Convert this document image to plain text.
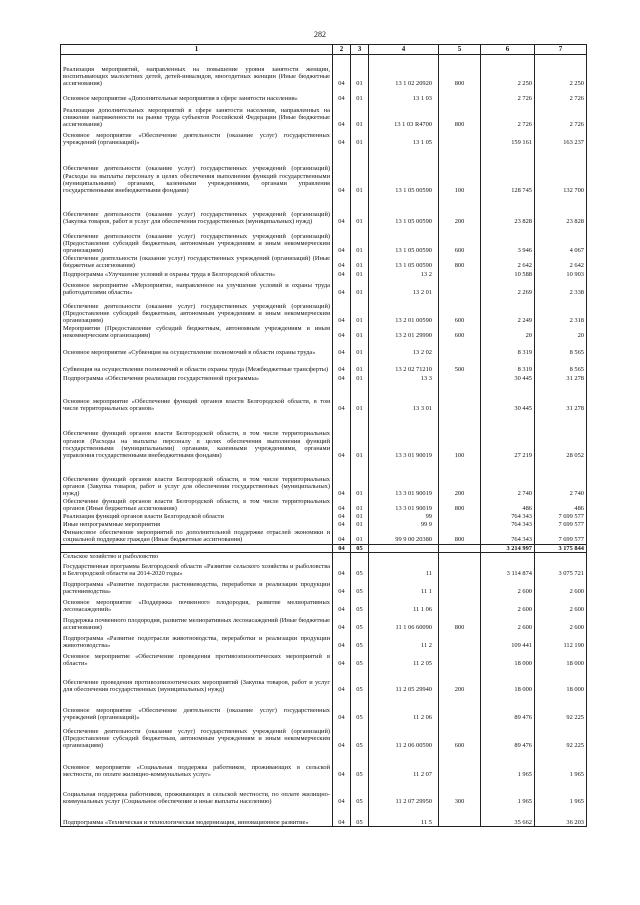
282
1	2	3	4	5	6	7
Реализация мероприятий, направленных на повышение уровня занятости женщин, воспитывающих малолетних детей, детей-инвалидов, многодетных женщин (Иные бюджетные ассигнования)	04	01	13 1 02 20920	800	2 250	2 250
Основное мероприятие «Дополнительные мероприятия в сфере занятости населения»	04	01	13 1 03		2 726	2 726
Реализация дополнительных мероприятий в сфере занятости населения, направленных на снижение напряженности на рынке труда субъектов Российской Федерации (Иные бюджетные ассигнования)	04	01	13 1 03 R4700	800	2 726	2 726
Основное мероприятие «Обеспечение деятельности (оказание услуг) государственных учреждений (организаций)»	04	01	13 1 05		159 161	163 237
Обеспечение деятельности (оказание услуг) государственных учреждений (организаций) (Расходы на выплаты персоналу в целях обеспечения выполнения функций государственными (муниципальными) органами, казенными учреждениями, органами управления государственными внебюджетными фондами)	04	01	13 1 05 00590	100	128 745	132 700
Обеспечение деятельности (оказание услуг) государственных учреждений (организаций) (Закупка товаров, работ и услуг для обеспечения государственных (муниципальных) нужд)	04	01	13 1 05 00590	200	23 828	23 828
Обеспечение деятельности (оказание услуг) государственных учреждений (организаций) (Предоставление субсидий бюджетным, автономным учреждениям и иным некоммерческим организациям)	04	01	13 1 05 00590	600	3 946	4 067
Обеспечение деятельности (оказание услуг) государственных учреждений (организаций) (Иные бюджетные ассигнования)	04	01	13 1 05 00590	800	2 642	2 642
Подпрограмма «Улучшение условий и охраны труда в Белгородской области»	04	01	13 2		10 588	10 903
Основное мероприятие «Мероприятие, направленное на улучшение условий и охраны труда работодателями области»	04	01	13 2 01		2 269	2 338
Обеспечение деятельности (оказание услуг) государственных учреждений (организаций) (Предоставление субсидий бюджетным, автономным учреждениям и иным некоммерческим организациям)	04	01	13 2 01 00590	600	2 249	2 318
Мероприятия (Предоставление субсидий бюджетным, автономным учреждениям и иным некоммерческим организациям)	04	01	13 2 01 29990	600	20	20
Основное мероприятие «Субвенция на осуществление полномочий в области охраны труда»	04	01	13 2 02		8 319	8 565
Субвенция на осуществление полномочий в области охраны труда (Межбюджетные трансферты)	04	01	13 2 02 71210	500	8 319	8 565
Подпрограмма «Обеспечение реализации государственной программы»	04	01	13 3		30 445	31 278
Основное мероприятие «Обеспечение функций органов власти Белгородской области, в том числе территориальных органов»	04	01	13 3 01		30 445	31 278
Обеспечение функций органов власти Белгородской области, в том числе территориальных органов (Расходы на выплаты персоналу в целях обеспечения выполнения функций государственными (муниципальными) органами, казенными учреждениями, органами управления государственными внебюджетными фондами)	04	01	13 3 01 90019	100	27 219	28 052
Обеспечение функций органов власти Белгородской области, в том числе территориальных органов (Закупка товаров, работ и услуг для обеспечения государственных (муниципальных) нужд)	04	01	13 3 01 90019	200	2 740	2 740
Обеспечение функций органов власти Белгородской области, в том числе территориальных органов (Иные бюджетные ассигнования)	04	01	13 3 01 90019	800	486	486
Реализация функций органов власти Белгородской области	04	01	99		764 343	7 699 577
Иные непрограммные мероприятия	04	01	99 9		764 343	7 699 577
Финансовое обеспечение мероприятий по дополнительной поддержке отраслей экономики и социальной поддержке граждан (Иные бюджетные ассигнования)	04	01	99 9 00 20380	800	764 343	7 699 577
	04	05			3 214 997	3 175 844
Сельское хозяйство и рыболовство						
Государственная программа Белгородской области «Развитие сельского хозяйства и рыболовства в Белгородской области на 2014-2020 годы»	04	05	11		3 114 874	3 075 721
Подпрограмма «Развитие подотрасли растениеводства, переработки и реализации продукции растениеводства»	04	05	11 1		2 600	2 600
Основное мероприятие «Поддержка почвенного плодородия, развитие мелиоративных лесонасаждений»	04	05	11 1 06		2 600	2 600
Поддержка почвенного плодородия, развитие мелиоративных лесонасаждений (Иные бюджетные ассигнования)	04	05	11 1 06 60090	800	2 600	2 600
Подпрограмма «Развитие подотрасли животноводства, переработки и реализации продукции животноводства»	04	05	11 2		109 441	112 190
Основное мероприятие «Обеспечение проведения противоэпизоотических мероприятий в области»	04	05	11 2 05		18 000	18 000
Обеспечение проведения противоэпизоотических мероприятий (Закупка товаров, работ и услуг для обеспечения государственных (муниципальных) нужд)	04	05	11 2 05 29940	200	18 000	18 000
Основное мероприятие «Обеспечение деятельности (оказание услуг) государственных учреждений (организаций)»	04	05	11 2 06		89 476	92 225
Обеспечение деятельности (оказание услуг) государственных учреждений (организаций) (Предоставление субсидий бюджетным, автономным учреждениям и иным некоммерческим организациям)	04	05	11 2 06 00590	600	89 476	92 225
Основное мероприятие «Социальная поддержка работников, проживающих в сельской местности, по оплате жилищно-коммунальных услуг»	04	05	11 2 07		1 965	1 965
Социальная поддержка работников, проживающих в сельской местности, по оплате жилищно-коммунальных услуг (Социальное обеспечение и иные выплаты населению)	04	05	11 2 07 29950	300	1 965	1 965
Подпрограмма «Техническая и технологическая модернизация, инновационное развитие»	04	05	11 5		35 662	36 203
